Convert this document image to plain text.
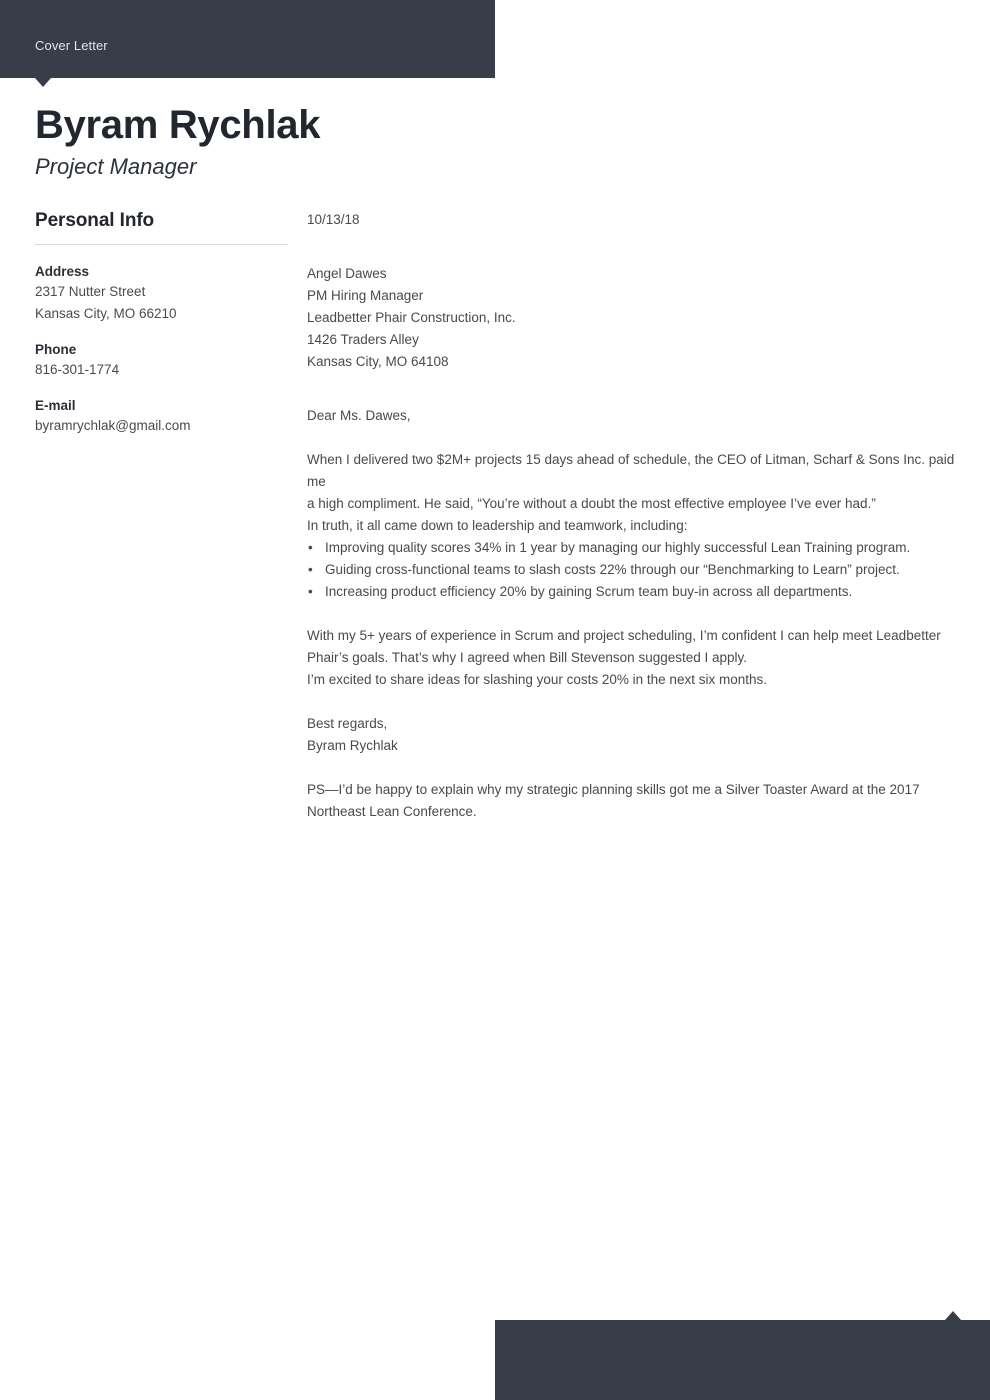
Cover Letter
Byram Rychlak
Project Manager
Personal Info
Address
2317 Nutter Street
Kansas City, MO 66210
Phone
816-301-1774
E-mail
byramrychlak@gmail.com

10/13/18

Angel Dawes
PM Hiring Manager
Leadbetter Phair Construction, Inc.
1426 Traders Alley
Kansas City, MO 64108

Dear Ms. Dawes,

When I delivered two $2M+ projects 15 days ahead of schedule, the CEO of Litman, Scharf & Sons Inc. paid me
a high compliment. He said, “You’re without a doubt the most effective employee I’ve ever had.”
In truth, it all came down to leadership and teamwork, including:
• Improving quality scores 34% in 1 year by managing our highly successful Lean Training program.
• Guiding cross-functional teams to slash costs 22% through our “Benchmarking to Learn” project.
• Increasing product efficiency 20% by gaining Scrum team buy-in across all departments.
With my 5+ years of experience in Scrum and project scheduling, I’m confident I can help meet Leadbetter
Phair’s goals. That’s why I agreed when Bill Stevenson suggested I apply.
I’m excited to share ideas for slashing your costs 20% in the next six months.
Best regards,
Byram Rychlak
PS—I’d be happy to explain why my strategic planning skills got me a Silver Toaster Award at the 2017
Northeast Lean Conference.
